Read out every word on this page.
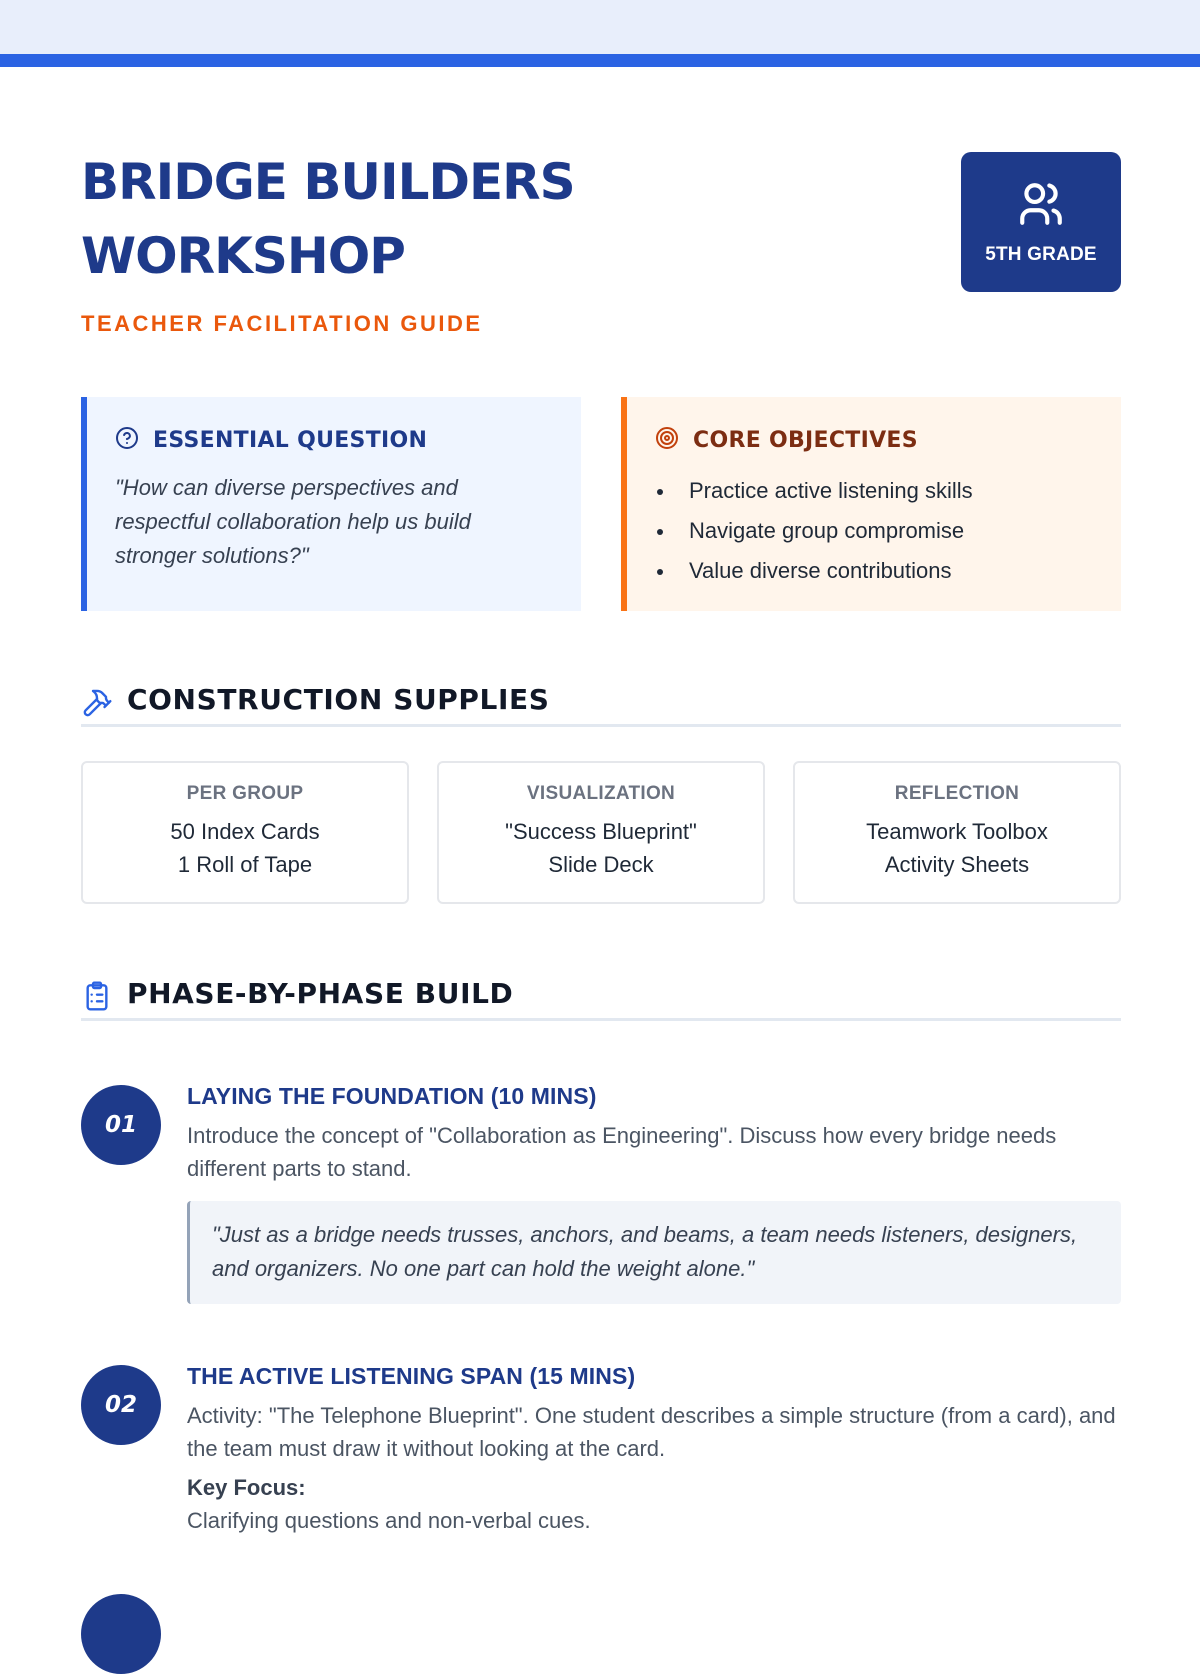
BRIDGE BUILDERS WORKSHOP
TEACHER FACILITATION GUIDE
5TH GRADE
ESSENTIAL QUESTION

"How can diverse perspectives and respectful collaboration help us build stronger solutions?"

CORE OBJECTIVES
Practice active listening skills
Navigate group compromise
Value diverse contributions
CONSTRUCTION SUPPLIES
PER GROUP
50 Index Cards
1 Roll of Tape
VISUALIZATION
"Success Blueprint"
Slide Deck
REFLECTION
Teamwork Toolbox
Activity Sheets
PHASE-BY-PHASE BUILD
01
LAYING THE FOUNDATION (10 MINS)
Introduce the concept of "Collaboration as Engineering". Discuss how every bridge needs different parts to stand.
"Just as a bridge needs trusses, anchors, and beams, a team needs listeners, designers, and organizers. No one part can hold the weight alone."
02
THE ACTIVE LISTENING SPAN (15 MINS)
Activity: "The Telephone Blueprint". One student describes a simple structure (from a card), and the team must draw it without looking at the card.
Key Focus:
Clarifying questions and non-verbal cues.
